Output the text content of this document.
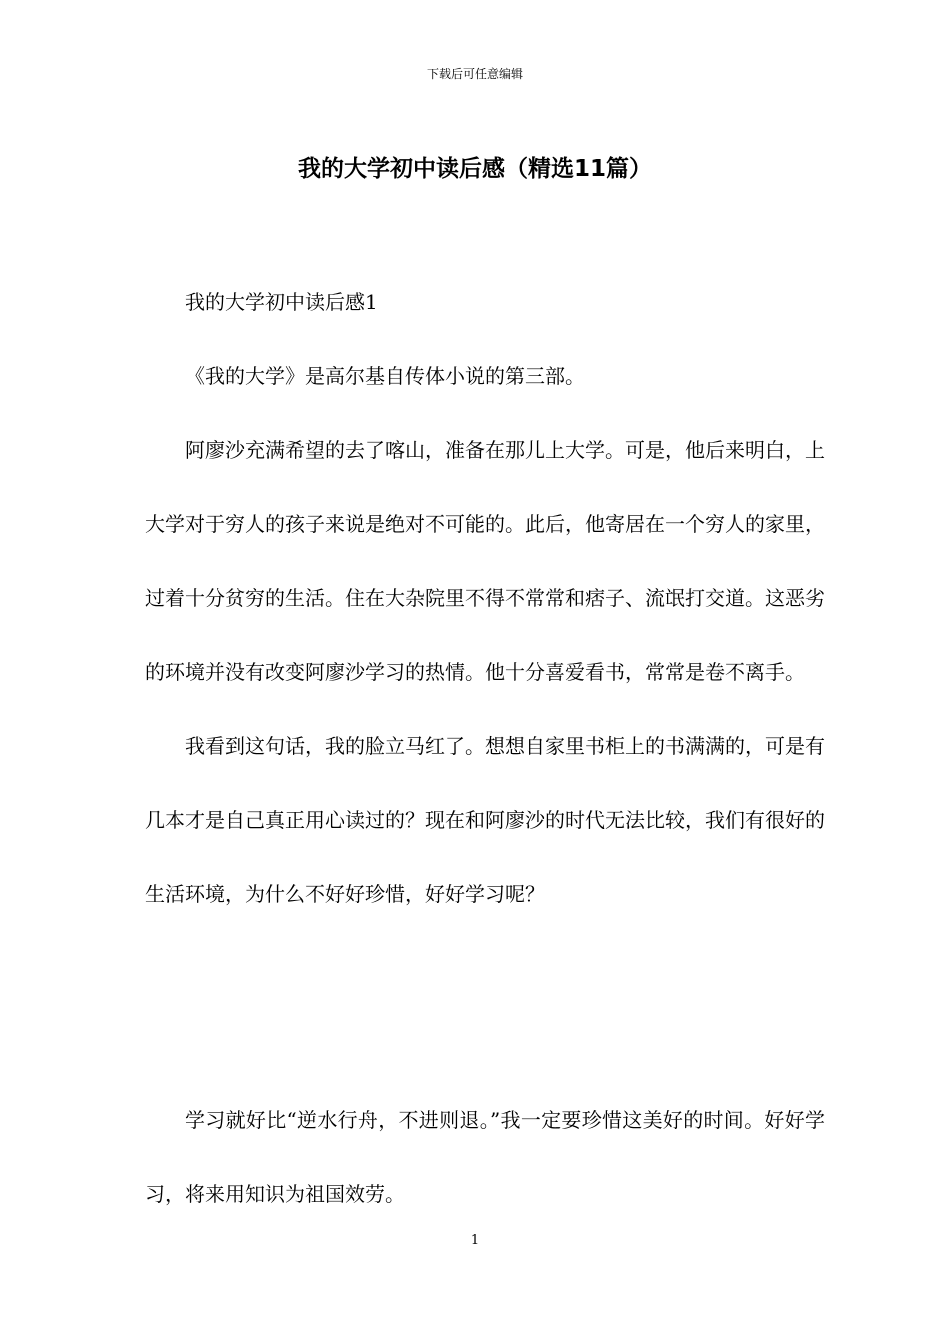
下载后可任意编辑
我的大学初中读后感（精选11篇）

我的大学初中读后感1

《我的大学》是高尔基自传体小说的第三部。

阿廖沙充满希望的去了喀山，准备在那儿上大学。可是，他后来明白，上大学对于穷人的孩子来说是绝对不可能的。此后，他寄居在一个穷人的家里，过着十分贫穷的生活。住在大杂院里不得不常常和痞子、流氓打交道。这恶劣的环境并没有改变阿廖沙学习的热情。他十分喜爱看书，常常是卷不离手。

我看到这句话，我的脸立马红了。想想自家里书柜上的书满满的，可是有几本才是自己真正用心读过的？现在和阿廖沙的时代无法比较，我们有很好的生活环境，为什么不好好珍惜，好好学习呢？

学习就好比“逆水行舟，不进则退。”我一定要珍惜这美好的时间。好好学习，将来用知识为祖国效劳。

1
